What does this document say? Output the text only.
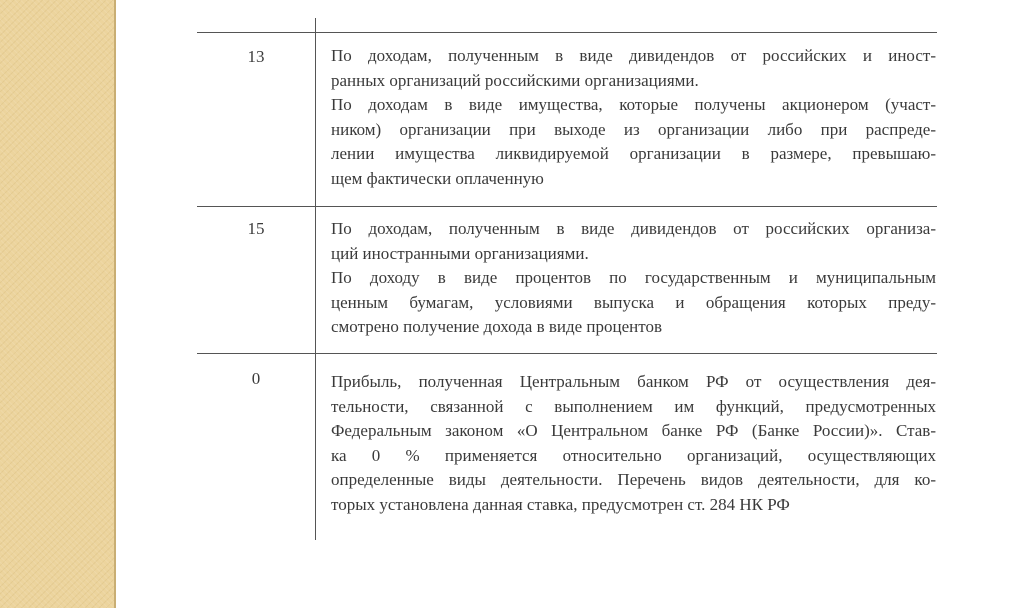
13	По доходам, полученным в виде дивидендов от российских и иност-
ранных организаций российскими организациями.
По доходам в виде имущества, которые получены акционером (участ-
ником) организации при выходе из организации либо при распреде-
лении имущества ликвидируемой организации в размере, превышаю-
щем фактически оплаченную
15	По доходам, полученным в виде дивидендов от российских организа-
ций иностранными организациями.
По доходу в виде процентов по государственным и муниципальным
ценным бумагам, условиями выпуска и обращения которых преду-
смотрено получение дохода в виде процентов
0	Прибыль, полученная Центральным банком РФ от осуществления дея-
тельности, связанной с выполнением им функций, предусмотренных
Федеральным законом «О Центральном банке РФ (Банке России)». Став-
ка 0 % применяется относительно организаций, осуществляющих
определенные виды деятельности. Перечень видов деятельности, для ко-
торых установлена данная ставка, предусмотрен ст. 284 НК РФ
